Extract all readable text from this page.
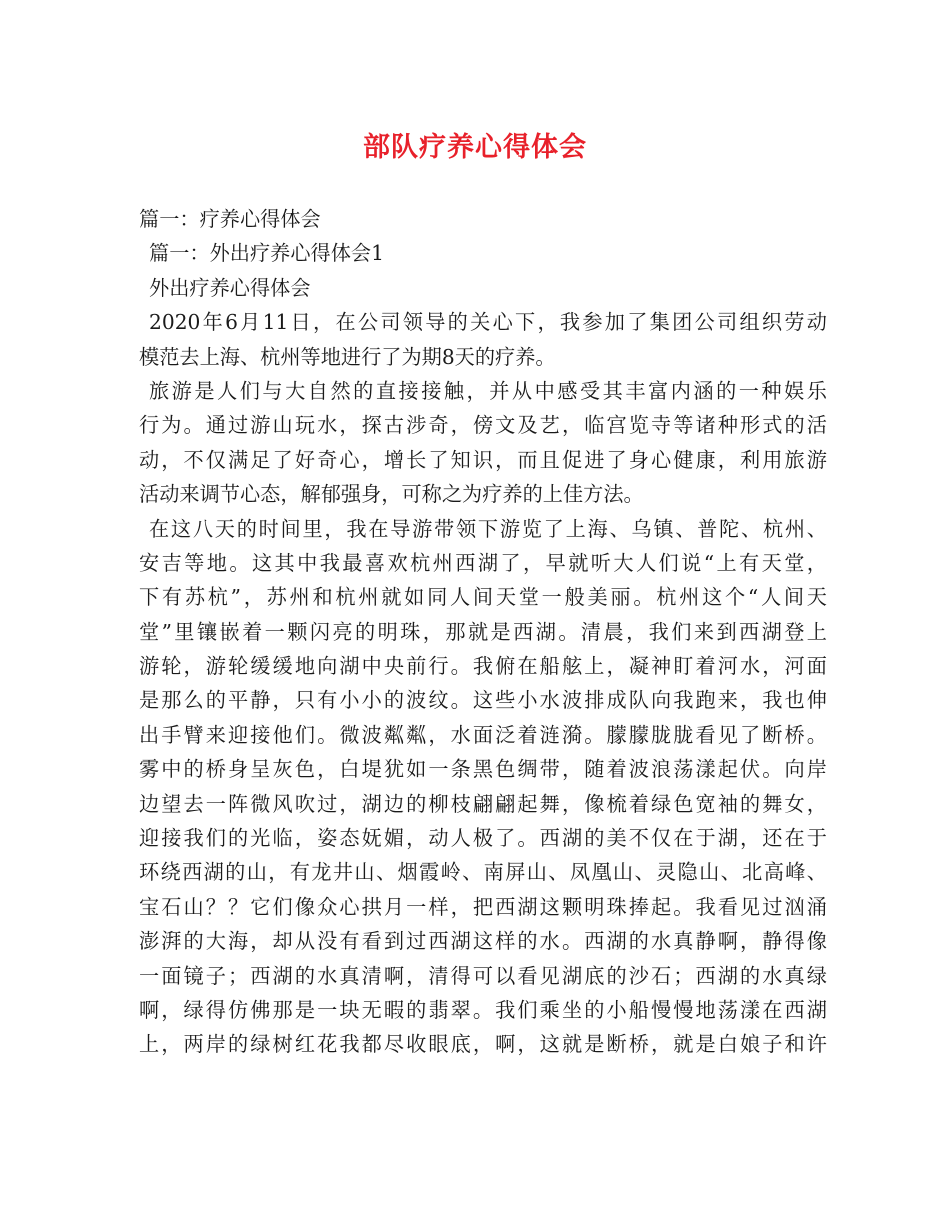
部队疗养心得体会
篇一：疗养心得体会
篇一：外出疗养心得体会1
外出疗养心得体会
2020年6月11日，在公司领导的关心下，我参加了集团公司组织劳动
模范去上海、杭州等地进行了为期8天的疗养。
旅游是人们与大自然的直接接触，并从中感受其丰富内涵的一种娱乐
行为。通过游山玩水，探古涉奇，傍文及艺，临宫览寺等诸种形式的活
动，不仅满足了好奇心，增长了知识，而且促进了身心健康，利用旅游
活动来调节心态，解郁强身，可称之为疗养的上佳方法。
在这八天的时间里，我在导游带领下游览了上海、乌镇、普陀、杭州、
安吉等地。这其中我最喜欢杭州西湖了，早就听大人们说“上有天堂，
下有苏杭”，苏州和杭州就如同人间天堂一般美丽。杭州这个“人间天
堂”里镶嵌着一颗闪亮的明珠，那就是西湖。清晨，我们来到西湖登上
游轮，游轮缓缓地向湖中央前行。我俯在船舷上，凝神盯着河水，河面
是那么的平静，只有小小的波纹。这些小水波排成队向我跑来，我也伸
出手臂来迎接他们。微波粼粼，水面泛着涟漪。朦朦胧胧看见了断桥。
雾中的桥身呈灰色，白堤犹如一条黑色绸带，随着波浪荡漾起伏。向岸
边望去一阵微风吹过，湖边的柳枝翩翩起舞，像梳着绿色宽袖的舞女，
迎接我们的光临，姿态妩媚，动人极了。西湖的美不仅在于湖，还在于
环绕西湖的山，有龙井山、烟霞岭、南屏山、凤凰山、灵隐山、北高峰、
宝石山？？它们像众心拱月一样，把西湖这颗明珠捧起。我看见过汹涌
澎湃的大海，却从没有看到过西湖这样的水。西湖的水真静啊，静得像
一面镜子；西湖的水真清啊，清得可以看见湖底的沙石；西湖的水真绿
啊，绿得仿佛那是一块无暇的翡翠。我们乘坐的小船慢慢地荡漾在西湖
上，两岸的绿树红花我都尽收眼底，啊，这就是断桥，就是白娘子和许
